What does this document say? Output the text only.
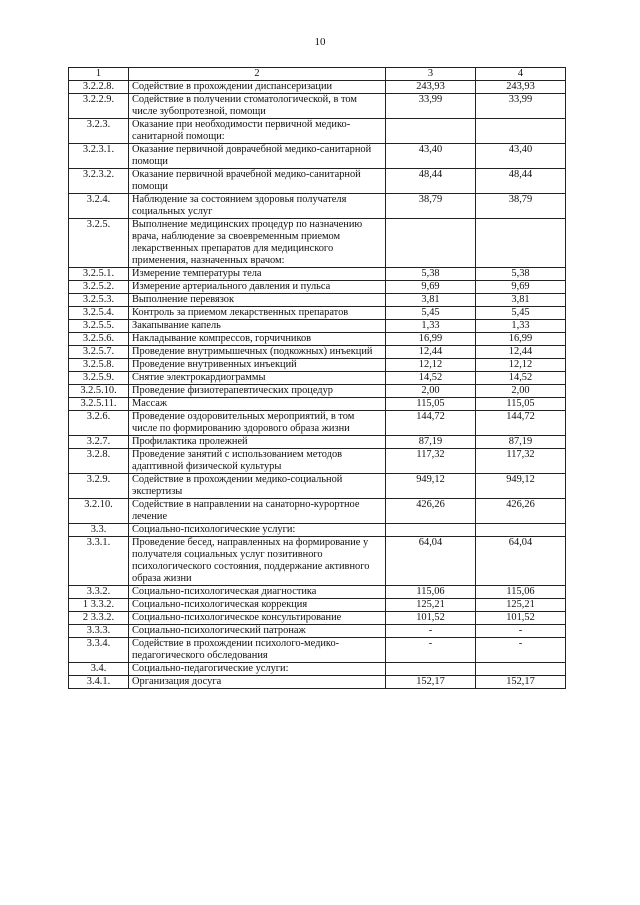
10
1	2	3	4
3.2.2.8.	Содействие в прохождении диспансеризации	243,93	243,93
3.2.2.9.	Содействие в получении стоматологической, в том числе зубопротезной, помощи	33,99	33,99
3.2.3.	Оказание при необходимости первичной медико-санитарной помощи:		
3.2.3.1.	Оказание первичной доврачебной медико-санитарной помощи	43,40	43,40
3.2.3.2.	Оказание первичной врачебной медико-санитарной помощи	48,44	48,44
3.2.4.	Наблюдение за состоянием здоровья получателя социальных услуг	38,79	38,79
3.2.5.	Выполнение медицинских процедур по назначению врача, наблюдение за своевременным приемом лекарственных препаратов для медицинского применения, назначенных врачом:		
3.2.5.1.	Измерение температуры тела	5,38	5,38
3.2.5.2.	Измерение артериального давления и пульса	9,69	9,69
3.2.5.3.	Выполнение перевязок	3,81	3,81
3.2.5.4.	Контроль за приемом лекарственных препаратов	5,45	5,45
3.2.5.5.	Закапывание капель	1,33	1,33
3.2.5.6.	Накладывание компрессов, горчичников	16,99	16,99
3.2.5.7.	Проведение внутримышечных (подкожных) инъекций	12,44	12,44
3.2.5.8.	Проведение внутривенных инъекций	12,12	12,12
3.2.5.9.	Снятие электрокардиограммы	14,52	14,52
3.2.5.10.	Проведение физиотерапевтических процедур	2,00	2,00
3.2.5.11.	Массаж	115,05	115,05
3.2.6.	Проведение оздоровительных мероприятий, в том числе по формированию здорового образа жизни	144,72	144,72
3.2.7.	Профилактика пролежней	87,19	87,19
3.2.8.	Проведение занятий с использованием методов адаптивной физической культуры	117,32	117,32
3.2.9.	Содействие в прохождении медико-социальной экспертизы	949,12	949,12
3.2.10.	Содействие в направлении на санаторно-курортное лечение	426,26	426,26
3.3.	Социально-психологические услуги:		
3.3.1.	Проведение бесед, направленных на формирование у получателя социальных услуг позитивного психологического состояния, поддержание активного образа жизни	64,04	64,04
3.3.2.	Социально-психологическая диагностика	115,06	115,06
1 3.3.2.	Социально-психологическая коррекция	125,21	125,21
2 3.3.2.	Социально-психологическое консультирование	101,52	101,52
3.3.3.	Социально-психологический патронаж	-	-
3.3.4.	Содействие в прохождении психолого-медико-педагогического обследования	-	-
3.4.	Социально-педагогические услуги:		
3.4.1.	Организация досуга	152,17	152,17
